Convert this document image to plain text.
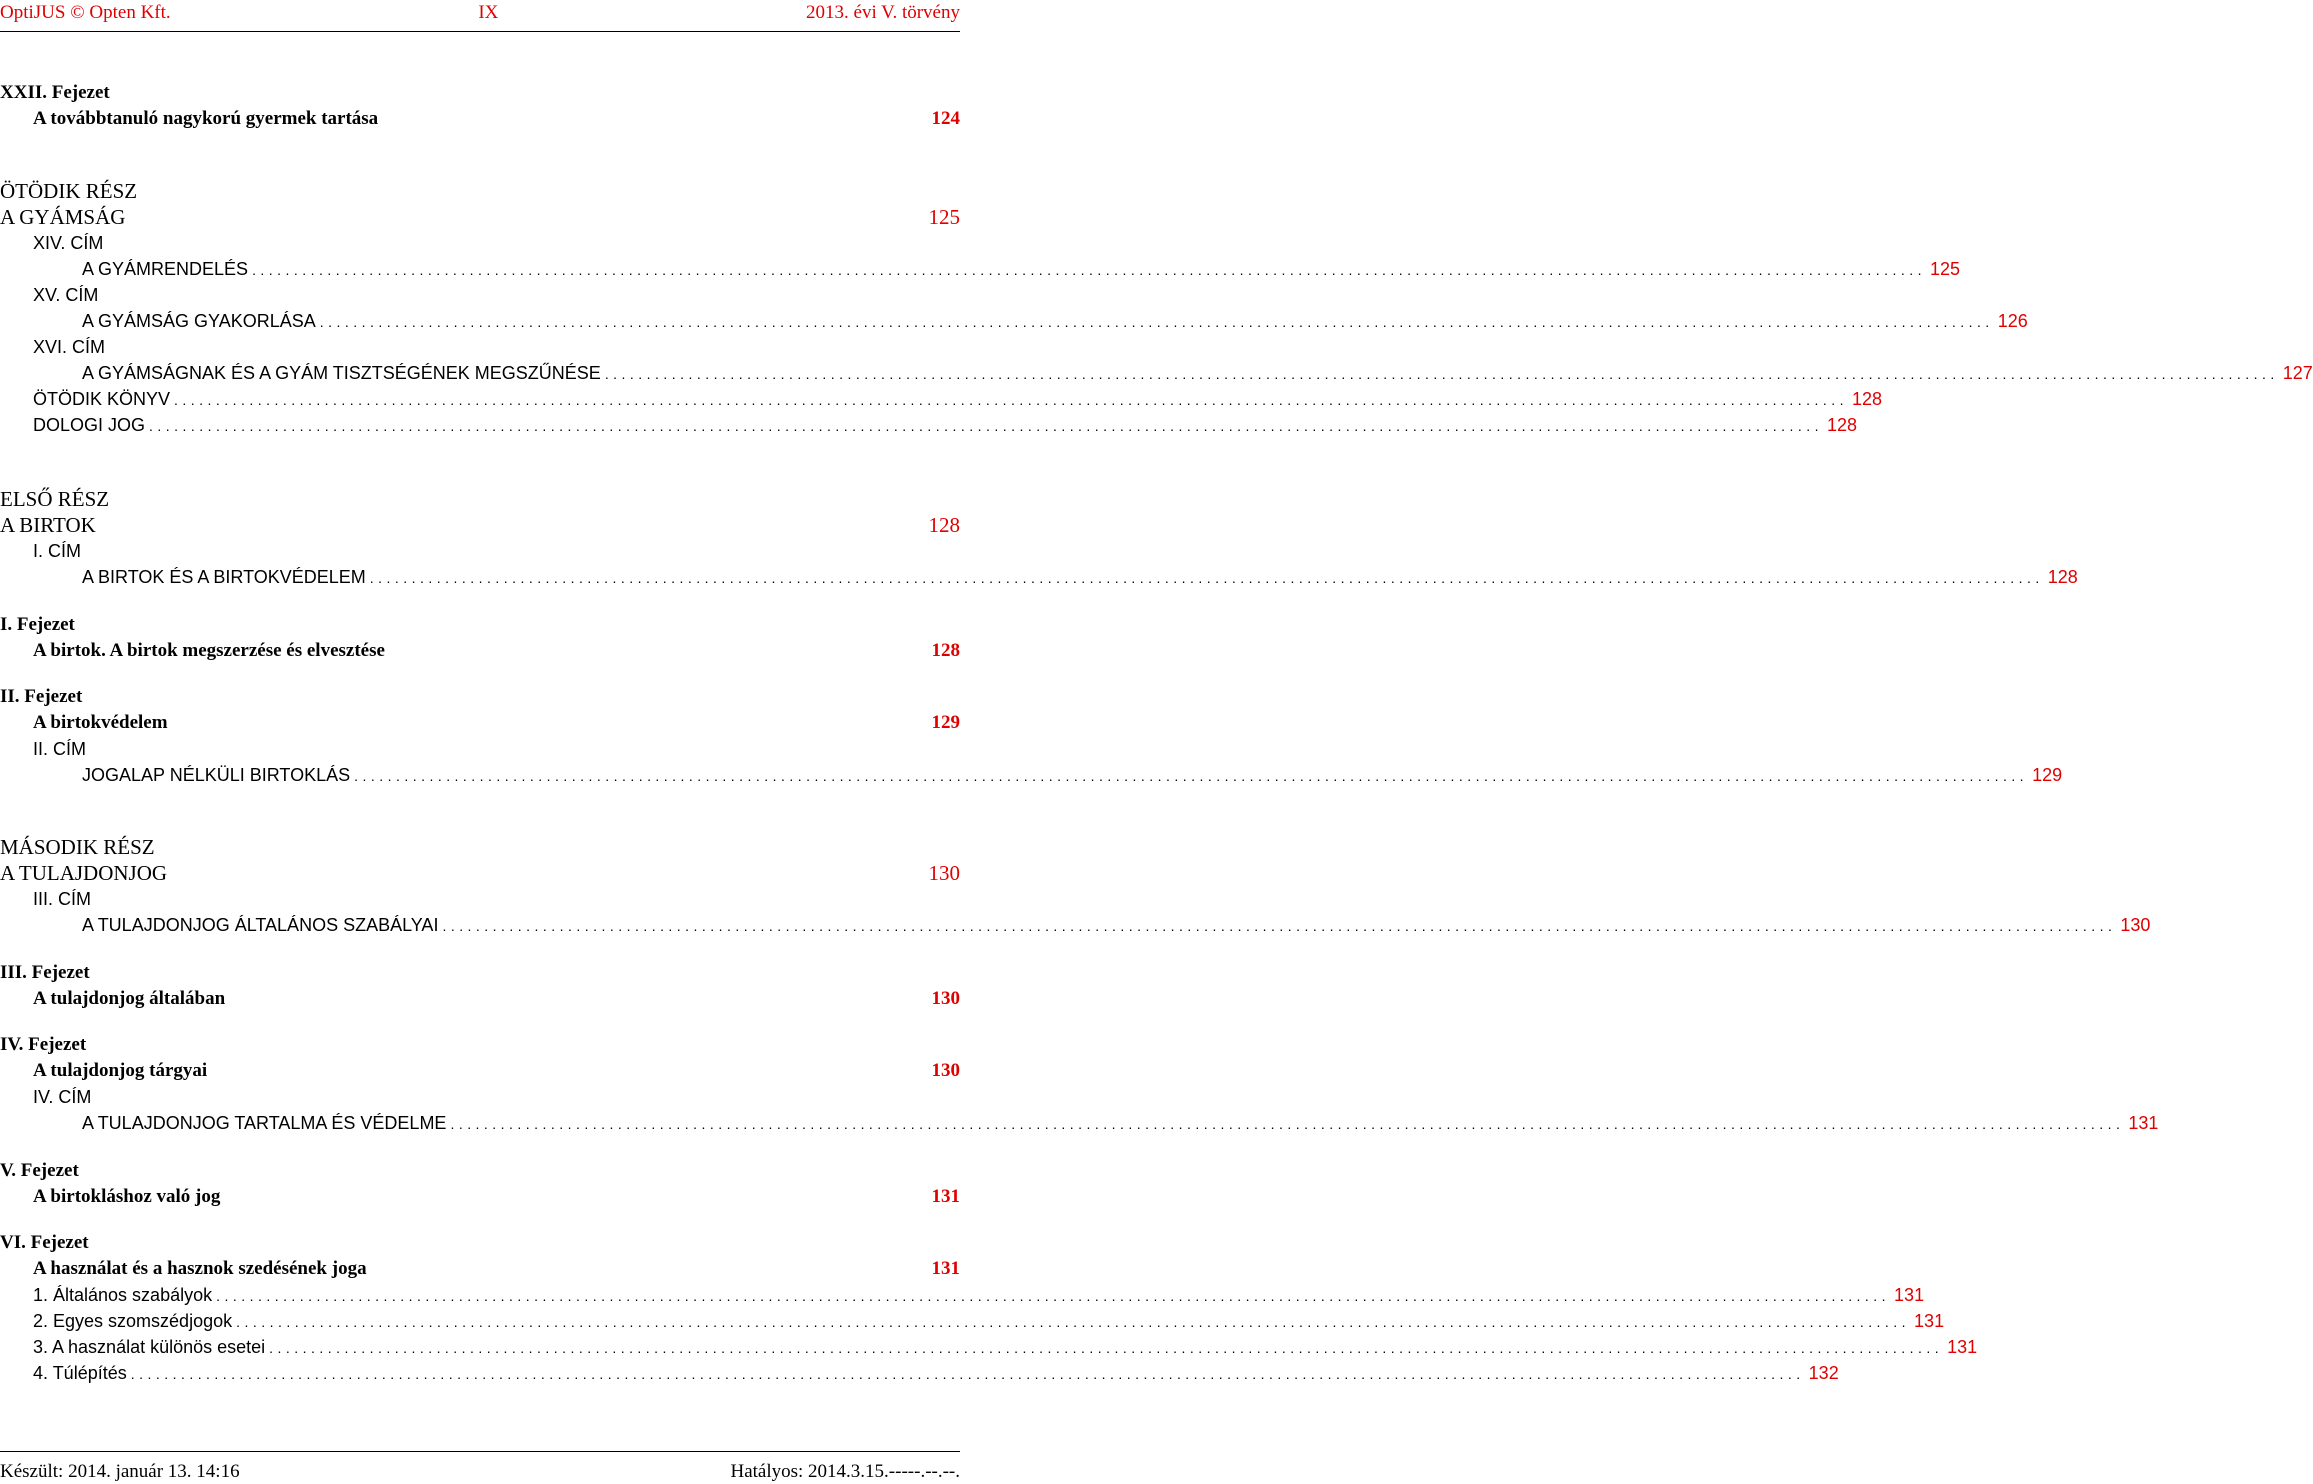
OptiJUS © Opten Kft.	IX	2013. évi V. törvény
XXII. Fejezet
A továbbtanuló nagykorú gyermek tartása	124
ÖTÖDIK RÉSZ
A GYÁMSÁG	125
XIV. CÍM
A GYÁMRENDELÉS ........................................................................................................................................................................................................ 125
XV. CÍM
A GYÁMSÁG GYAKORLÁSA ........................................................................................................................................................................................................ 126
XVI. CÍM
A GYÁMSÁGNAK ÉS A GYÁM TISZTSÉGÉNEK MEGSZŰNÉSE ........................................................................................................................................................................................................ 127
ÖTÖDIK KÖNYV ........................................................................................................................................................................................................ 128
DOLOGI JOG ........................................................................................................................................................................................................ 128
ELSŐ RÉSZ
A BIRTOK	128
I. CÍM
A BIRTOK ÉS A BIRTOKVÉDELEM ........................................................................................................................................................................................................ 128
I. Fejezet
A birtok. A birtok megszerzése és elvesztése	128
II. Fejezet
A birtokvédelem	129
II. CÍM
JOGALAP NÉLKÜLI BIRTOKLÁS ........................................................................................................................................................................................................ 129
MÁSODIK RÉSZ
A TULAJDONJOG	130
III. CÍM
A TULAJDONJOG ÁLTALÁNOS SZABÁLYAI ........................................................................................................................................................................................................ 130
III. Fejezet
A tulajdonjog általában	130
IV. Fejezet
A tulajdonjog tárgyai	130
IV. CÍM
A TULAJDONJOG TARTALMA ÉS VÉDELME ........................................................................................................................................................................................................ 131
V. Fejezet
A birtokláshoz való jog	131
VI. Fejezet
A használat és a hasznok szedésének joga	131
1. Általános szabályok ........................................................................................................................................................................................................ 131
2. Egyes szomszédjogok ........................................................................................................................................................................................................ 131
3. A használat különös esetei ........................................................................................................................................................................................................ 131
4. Túlépítés ........................................................................................................................................................................................................ 132
Készült: 2014. január 13. 14:16	Hatályos: 2014.3.15.-----.--.--.
